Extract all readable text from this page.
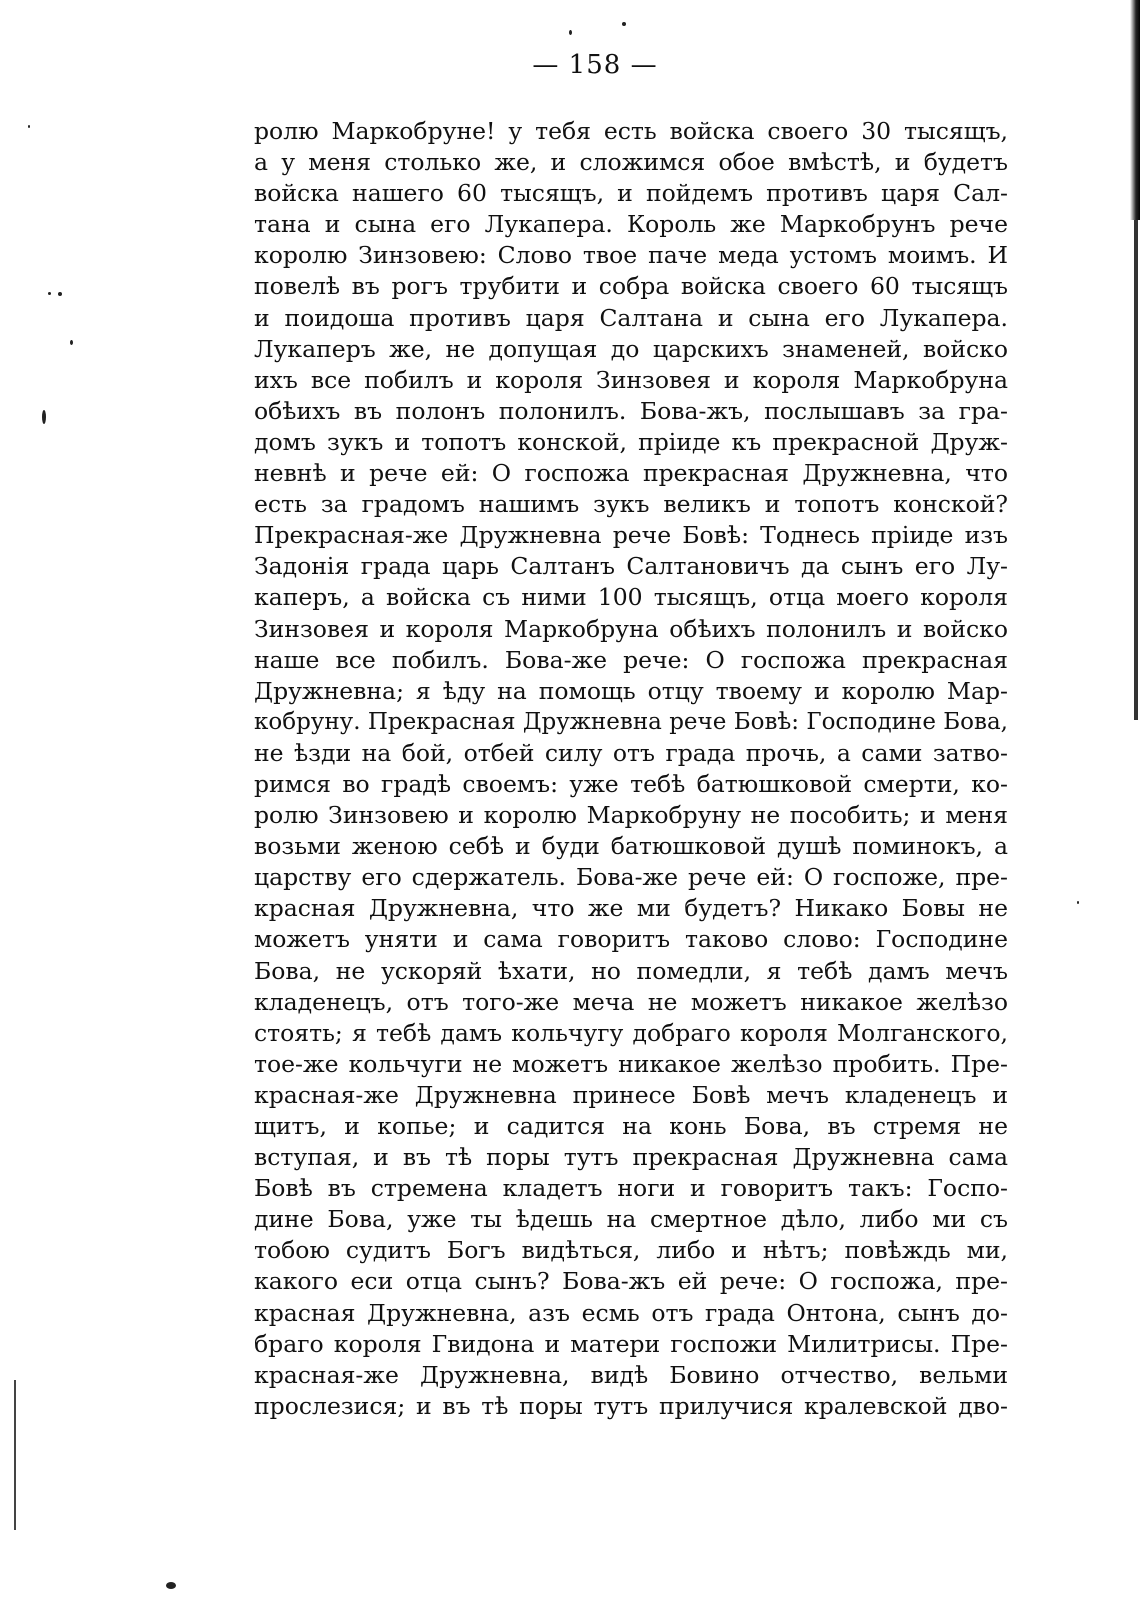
— 158 —
ролю Маркобруне! у тебя есть войска своего 30 тысящъ,
а у меня столько же, и сложимся обое вмѣстѣ, и будетъ
войска нашего 60 тысящъ, и пойдемъ противъ царя Сал-
тана и сына его Лукапера. Король же Маркобрунъ рече
королю Зинзовею: Слово твое паче меда устомъ моимъ. И
повелѣ въ рогъ трубити и собра войска своего 60 тысящъ
и поидоша противъ царя Салтана и сына его Лукапера.
Лукаперъ же, не допущая до царскихъ знаменей, войско
ихъ все побилъ и короля Зинзовея и короля Маркобруна
обѣихъ въ полонъ полонилъ. Бова-жъ, послышавъ за гра-
домъ зукъ и топотъ конской, пріиде къ прекрасной Друж-
невнѣ и рече ей: О госпожа прекрасная Дружневна, что
есть за градомъ нашимъ зукъ великъ и топотъ конской?
Прекрасная-же Дружневна рече Бовѣ: Тоднесь пріиде изъ
Задонія града царь Салтанъ Салтановичъ да сынъ его Лу-
каперъ, а войска съ ними 100 тысящъ, отца моего короля
Зинзовея и короля Маркобруна обѣихъ полонилъ и войско
наше все побилъ. Бова-же рече: О госпожа прекрасная
Дружневна; я ѣду на помощь отцу твоему и королю Мар-
кобруну. Прекрасная Дружневна рече Бовѣ: Господине Бова,
не ѣзди на бой, отбей силу отъ града прочь, а сами затво-
римся во градѣ своемъ: уже тебѣ батюшковой смерти, ко-
ролю Зинзовею и королю Маркобруну не пособить; и меня
возьми женою себѣ и буди батюшковой душѣ поминокъ, а
царству его сдержатель. Бова-же рече ей: О госпоже, пре-
красная Дружневна, что же ми будетъ? Никако Бовы не
можетъ уняти и сама говоритъ таково слово: Господине
Бова, не ускоряй ѣхати, но помедли, я тебѣ дамъ мечъ
кладенецъ, отъ того-же меча не можетъ никакое желѣзо
стоять; я тебѣ дамъ кольчугу добраго короля Молганского,
тое-же кольчуги не можетъ никакое желѣзо пробить. Пре-
красная-же Дружневна принесе Бовѣ мечъ кладенецъ и
щитъ, и копье; и садится на конь Бова, въ стремя не
вступая, и въ тѣ поры тутъ прекрасная Дружневна сама
Бовѣ въ стремена кладетъ ноги и говоритъ такъ: Госпо-
дине Бова, уже ты ѣдешь на смертное дѣло, либо ми съ
тобою судитъ Богъ видѣться, либо и нѣтъ; повѣждь ми,
какого еси отца сынъ? Бова-жъ ей рече: О госпожа, пре-
красная Дружневна, азъ есмь отъ града Онтона, сынъ до-
браго короля Гвидона и матери госпожи Милитрисы. Пре-
красная-же Дружневна, видѣ Бовино отчество, вельми
прослезися; и въ тѣ поры тутъ прилучися кралевской дво-
